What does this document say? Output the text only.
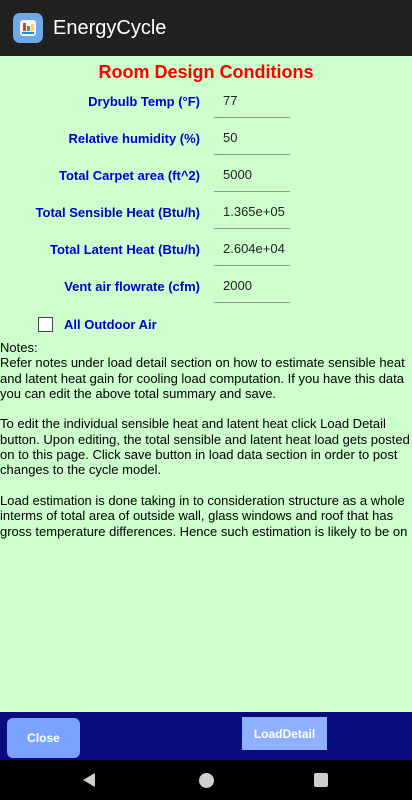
EnergyCycle
Room Design Conditions
Drybulb Temp (°F)
77
Relative humidity (%)
50
Total Carpet area (ft^2)
5000
Total Sensible Heat (Btu/h)
1.365e+05
Total Latent Heat (Btu/h)
2.604e+04
Vent air flowrate (cfm)
2000
All Outdoor Air

Notes:

Refer notes under load detail section on how to estimate sensible heat and latent heat gain for cooling load computation. If you have this data you can edit the above total summary and save.

To edit the individual sensible heat and latent heat click Load Detail button. Upon editing, the total sensible and latent heat load gets posted on to this page. Click save button in load data section in order to post changes to the cycle model.

Load estimation is done taking in to consideration structure as a whole interms of total area of outside wall, glass windows and roof that has gross temperature differences. Hence such estimation is likely to be on

Close	LoadDetail
